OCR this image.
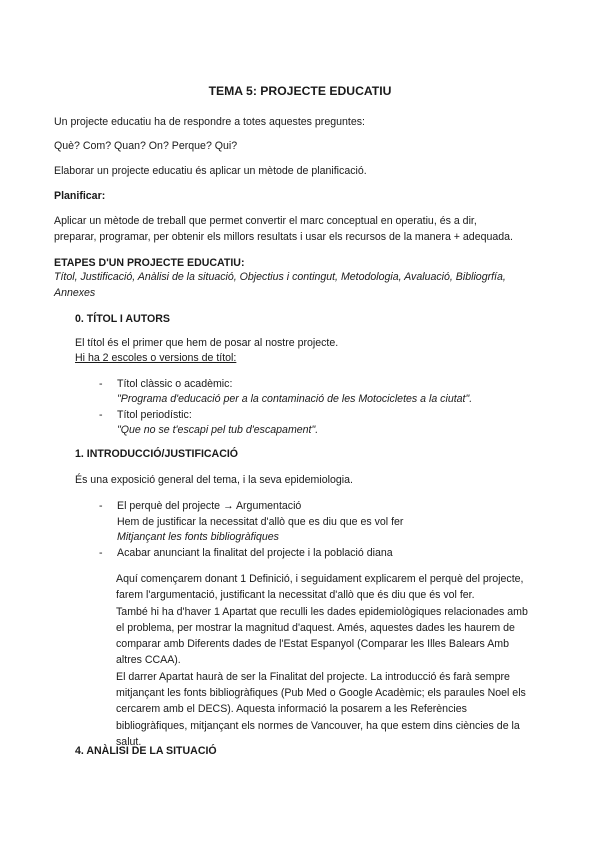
TEMA 5: PROJECTE EDUCATIU
Un projecte educatiu ha de respondre a totes aquestes preguntes:
Què? Com? Quan? On? Perque? Qui?
Elaborar un projecte educatiu és aplicar un mètode de planificació.
Planificar:
Aplicar un mètode de treball que permet convertir el marc conceptual en operatiu, és a dir,
preparar, programar, per obtenir els millors resultats i usar els recursos de la manera + adequada.
ETAPES D'UN PROJECTE EDUCATIU:
Títol, Justificació, Anàlisi de la situació, Objectius i contingut, Metodologia, Avaluació, Bibliogrfía,
Annexes
0. TÍTOL I AUTORS
El títol és el primer que hem de posar al nostre projecte.
Hi ha 2 escoles o versions de títol:
- Títol clàssic o acadèmic:
"Programa d'educació per a la contaminació de les Motocicletes a la ciutat".
- Títol periodístic:
"Que no se t'escapi pel tub d'escapament".
1. INTRODUCCIÓ/JUSTIFICACIÓ
És una exposició general del tema, i la seva epidemiologia.
- El perquè del projecte → Argumentació
Hem de justificar la necessitat d'allò que es diu que es vol fer
Mitjançant les fonts bibliogràfiques
- Acabar anunciant la finalitat del projecte i la població diana

Aquí començarem donant 1 Definició, i seguidament explicarem el perquè del projecte, farem l'argumentació, justificant la necessitat d'allò que és diu que és vol fer.

També hi ha d'haver 1 Apartat que reculli les dades epidemiològiques relacionades amb el problema, per mostrar la magnitud d'aquest. Amés, aquestes dades les haurem de comparar amb Diferents dades de l'Estat Espanyol (Comparar les Illes Balears Amb altres CCAA).

El darrer Apartat haurà de ser la Finalitat del projecte. La introducció és farà sempre mitjançant les fonts bibliogràfiques (Pub Med o Google Acadèmic; els paraules Noel els cercarem amb el DECS). Aquesta informació la posarem a les Referències bibliogràfiques, mitjançant els normes de Vancouver, ha que estem dins ciències de la salut.

4. ANÀLISI DE LA SITUACIÓ
